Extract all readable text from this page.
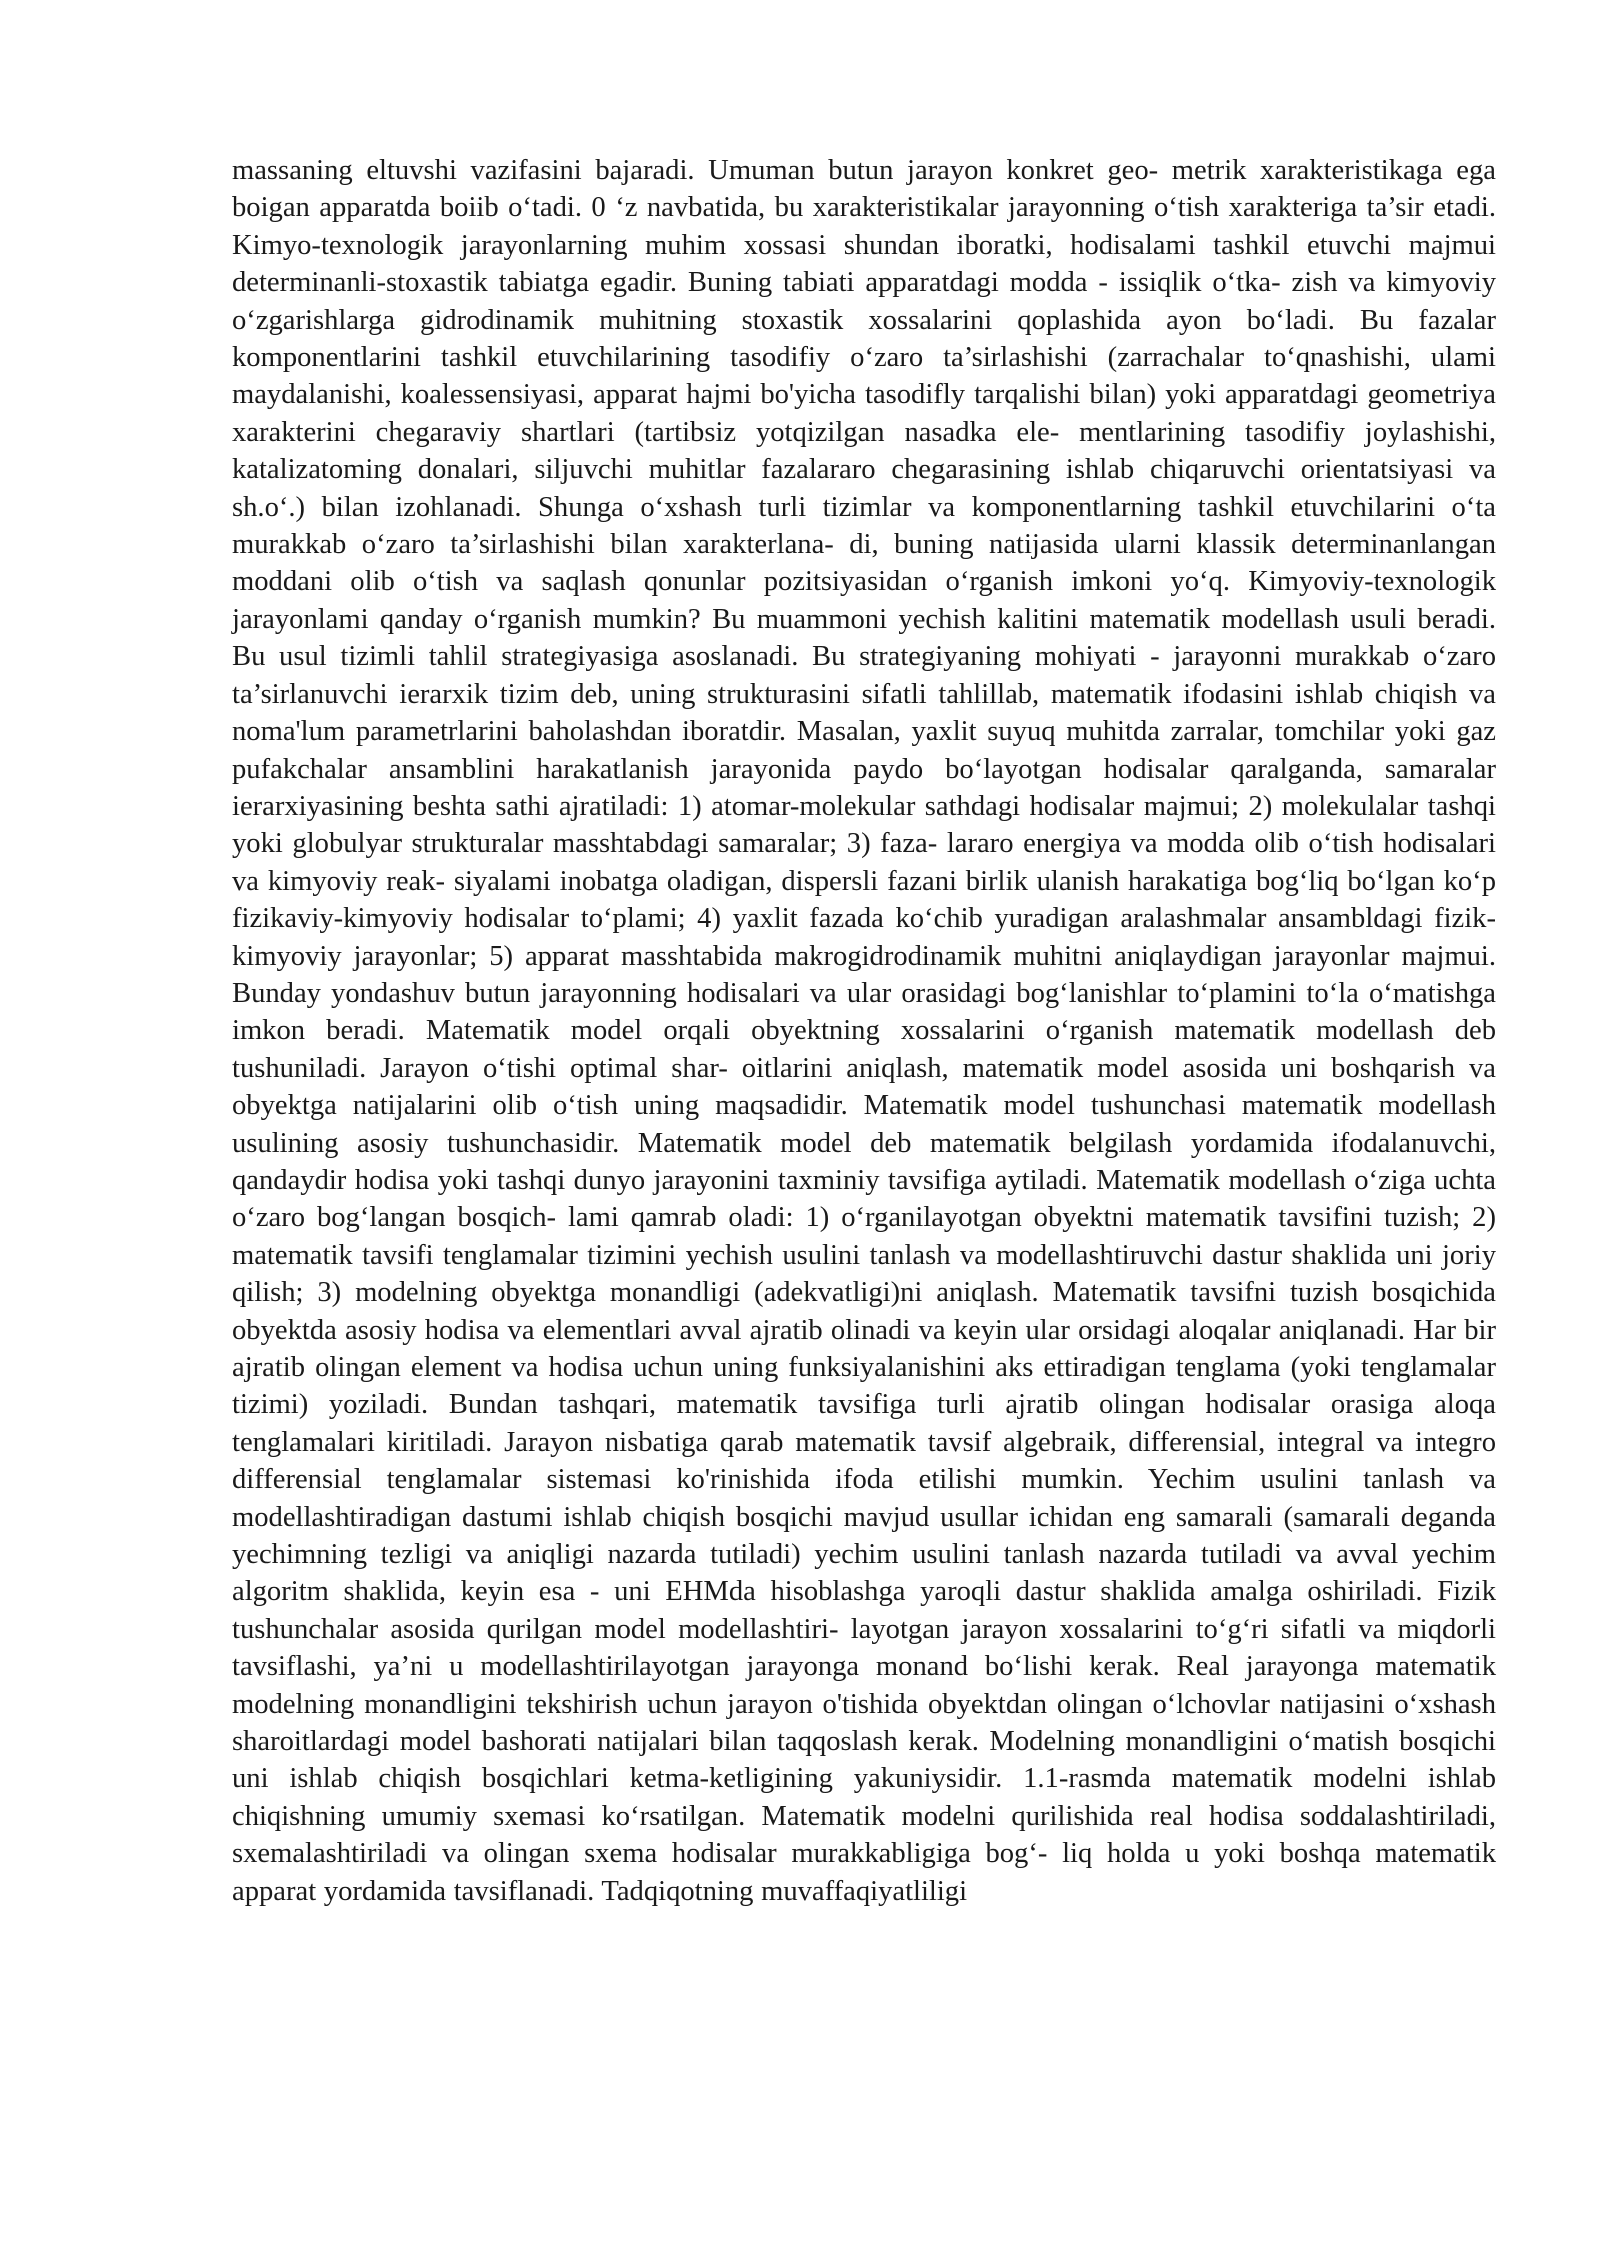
massaning eltuvshi vazifasini bajaradi. Umuman butun jarayon konkret geo- metrik xarakteristikaga ega boigan apparatda boiib o‘tadi. 0 ‘z navbatida, bu xarakteristikalar jarayonning o‘tish xarakteriga ta’sir etadi. Kimyo-texnologik jarayonlarning muhim xossasi shundan iboratki, hodisalami tashkil etuvchi majmui determinanli-stoxastik tabiatga egadir. Buning tabiati apparatdagi modda - issiqlik o‘tka- zish va kimyoviy o‘zgarishlarga gidrodinamik muhitning stoxastik xossalarini qoplashida ayon bo‘ladi. Bu fazalar komponentlarini tashkil etuvchilarining tasodifiy o‘zaro ta’sirlashishi (zarrachalar to‘qnashishi, ulami maydalanishi, koalessensiyasi, apparat hajmi bo'yicha tasodifly tarqalishi bilan) yoki apparatdagi geometriya xarakterini chegaraviy shartlari (tartibsiz yotqizilgan nasadka ele- mentlarining tasodifiy joylashishi, katalizatoming donalari, siljuvchi muhitlar fazalararo chegarasining ishlab chiqaruvchi orientatsiyasi va sh.o‘.) bilan izohlanadi. Shunga o‘xshash turli tizimlar va komponentlarning tashkil etuvchilarini o‘ta murakkab o‘zaro ta’sirlashishi bilan xarakterlana- di, buning natijasida ularni klassik determinanlangan moddani olib o‘tish va saqlash qonunlar pozitsiyasidan o‘rganish imkoni yo‘q. Kimyoviy-texnologik jarayonlami qanday o‘rganish mumkin? Bu muammoni yechish kalitini matematik modellash usuli beradi. Bu usul tizimli tahlil strategiyasiga asoslanadi. Bu strategiyaning mohiyati - jarayonni murakkab o‘zaro ta’sirlanuvchi ierarxik tizim deb, uning strukturasini sifatli tahlillab, matematik ifodasini ishlab chiqish va noma'lum parametrlarini baholashdan iboratdir. Masalan, yaxlit suyuq muhitda zarralar, tomchilar yoki gaz pufakchalar ansamblini harakatlanish jarayonida paydo bo‘layotgan hodisalar qaralganda, samaralar ierarxiyasining beshta sathi ajratiladi: 1) atomar-molekular sathdagi hodisalar majmui; 2) molekulalar tashqi yoki globulyar strukturalar masshtabdagi samaralar; 3) faza- lararo energiya va modda olib o‘tish hodisalari va kimyoviy reak- siyalami inobatga oladigan, dispersli fazani birlik ulanish harakatiga bog‘liq bo‘lgan ko‘p fizikaviy-kimyoviy hodisalar to‘plami; 4) yaxlit fazada ko‘chib yuradigan aralashmalar ansambldagi fizik- kimyoviy jarayonlar; 5) apparat masshtabida makrogidrodinamik muhitni aniqlaydigan jarayonlar majmui. Bunday yondashuv butun jarayonning hodisalari va ular orasidagi bog‘lanishlar to‘plamini to‘la o‘matishga imkon beradi. Matematik model orqali obyektning xossalarini o‘rganish matematik modellash deb tushuniladi. Jarayon o‘tishi optimal shar- oitlarini aniqlash, matematik model asosida uni boshqarish va obyektga natijalarini olib o‘tish uning maqsadidir. Matematik model tushunchasi matematik modellash usulining asosiy tushunchasidir. Matematik model deb matematik belgilash yordamida ifodalanuvchi, qandaydir hodisa yoki tashqi dunyo jarayonini taxminiy tavsifiga aytiladi. Matematik modellash o‘ziga uchta o‘zaro bog‘langan bosqich- lami qamrab oladi: 1) o‘rganilayotgan obyektni matematik tavsifini tuzish; 2) matematik tavsifi tenglamalar tizimini yechish usulini tanlash va modellashtiruvchi dastur shaklida uni joriy qilish; 3) modelning obyektga monandligi (adekvatligi)ni aniqlash. Matematik tavsifni tuzish bosqichida obyektda asosiy hodisa va elementlari avval ajratib olinadi va keyin ular orsidagi aloqalar aniqlanadi. Har bir ajratib olingan element va hodisa uchun uning funksiyalanishini aks ettiradigan tenglama (yoki tenglamalar tizimi) yoziladi. Bundan tashqari, matematik tavsifiga turli ajratib olingan hodisalar orasiga aloqa tenglamalari kiritiladi. Jarayon nisbatiga qarab matematik tavsif algebraik, differensial, integral va integro differensial tenglamalar sistemasi ko'rinishida ifoda etilishi mumkin. Yechim usulini tanlash va modellashtiradigan dastumi ishlab chiqish bosqichi mavjud usullar ichidan eng samarali (samarali deganda yechimning tezligi va aniqligi nazarda tutiladi) yechim usulini tanlash nazarda tutiladi va avval yechim algoritm shaklida, keyin esa - uni EHMda hisoblashga yaroqli dastur shaklida amalga oshiriladi. Fizik tushunchalar asosida qurilgan model modellashtiri- layotgan jarayon xossalarini to‘g‘ri sifatli va miqdorli tavsiflashi, ya’ni u modellashtirilayotgan jarayonga monand bo‘lishi kerak. Real jarayonga matematik modelning monandligini tekshirish uchun jarayon o'tishida obyektdan olingan o‘lchovlar natijasini o‘xshash sharoitlardagi model bashorati natijalari bilan taqqoslash kerak. Modelning monandligini o‘matish bosqichi uni ishlab chiqish bosqichlari ketma-ketligining yakuniysidir. 1.1-rasmda matematik modelni ishlab chiqishning umumiy sxemasi ko‘rsatilgan. Matematik modelni qurilishida real hodisa soddalashtiriladi, sxemalashtiriladi va olingan sxema hodisalar murakkabligiga bog‘- liq holda u yoki boshqa matematik apparat yordamida tavsiflanadi. Tadqiqotning muvaffaqiyatliligi
